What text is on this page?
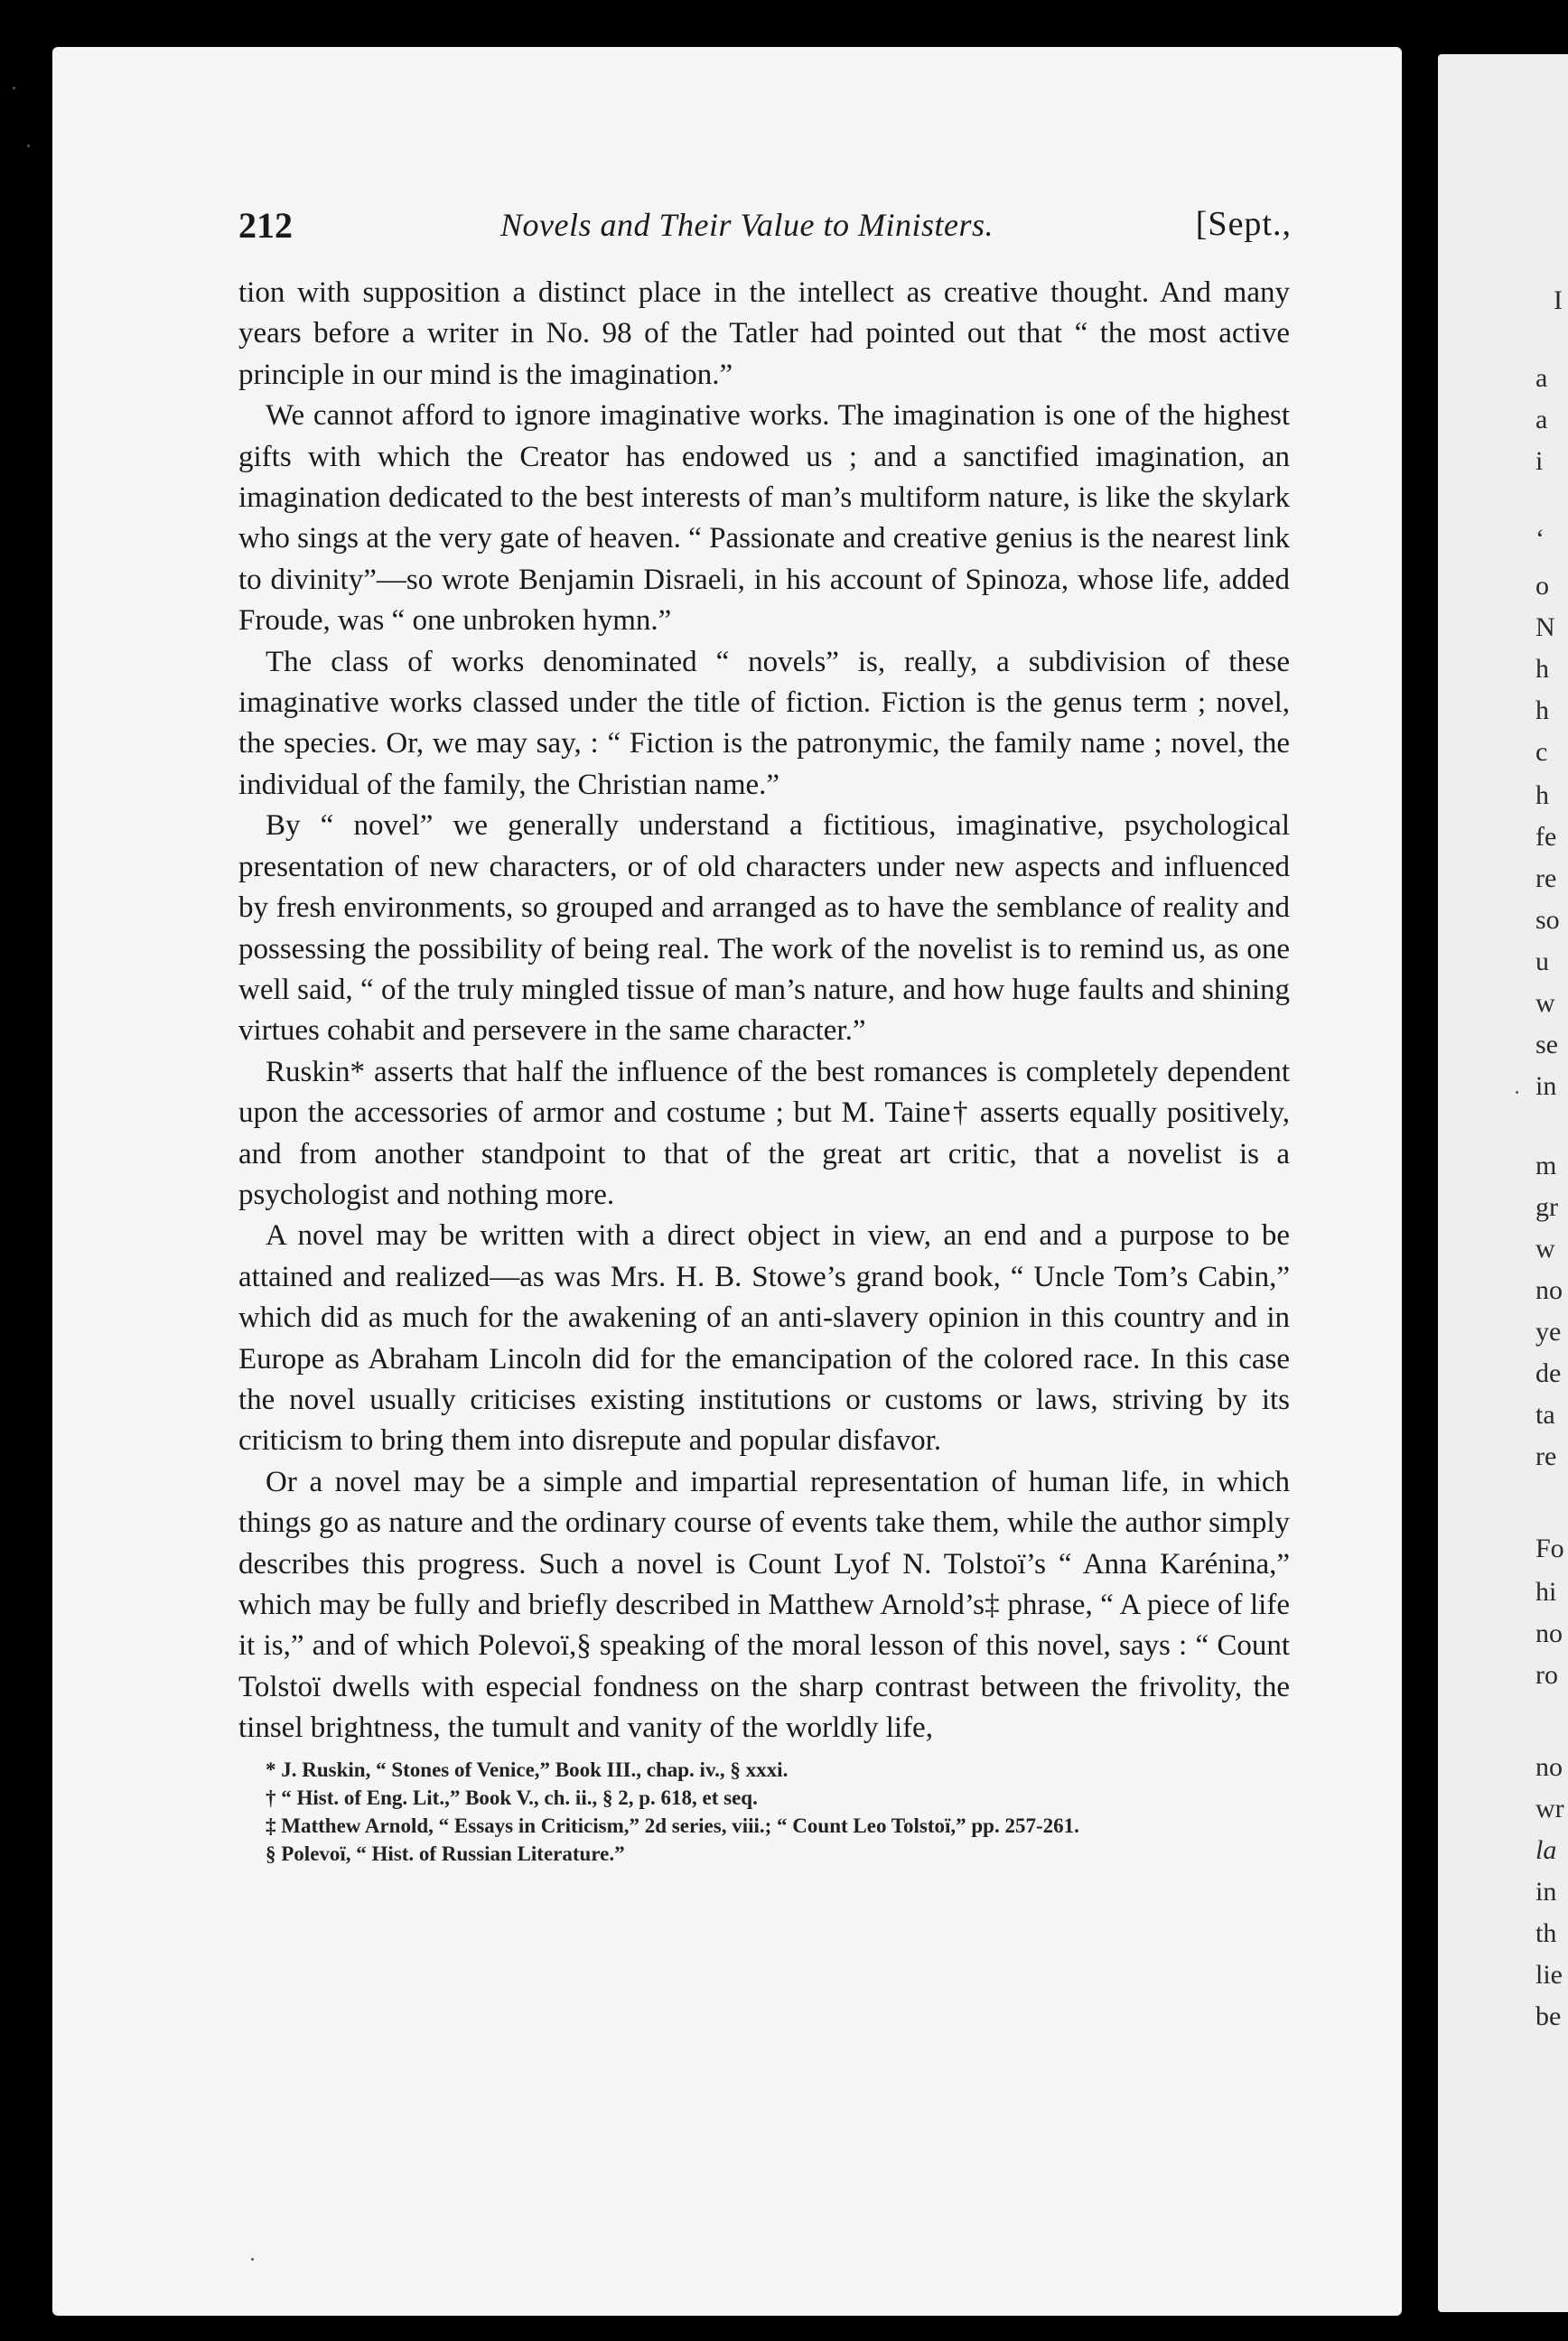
I
a
a
i
‘
o
N
h
h
c
h
fe
re
so
u
w
se
in
m
gr
w
no
ye
de
ta
re
Fo
hi
no
ro
no
wr
la
in
th
lie
be
212	Novels and Their Value to Ministers.	[Sept.,

tion with supposition a distinct place in the intellect as creative thought. And many years before a writer in No. 98 of the Tatler had pointed out that “ the most active principle in our mind is the imagination.”

We cannot afford to ignore imaginative works. The imagination is one of the highest gifts with which the Creator has endowed us ; and a sanctified imagination, an imagination dedicated to the best interests of man’s multiform nature, is like the skylark who sings at the very gate of heaven. “ Passionate and creative genius is the nearest link to divinity”—so wrote Benjamin Disraeli, in his account of Spinoza, whose life, added Froude, was “ one unbroken hymn.”

The class of works denominated “ novels” is, really, a subdivision of these imaginative works classed under the title of fiction. Fiction is the genus term ; novel, the species. Or, we may say, : “ Fiction is the patronymic, the family name ; novel, the individual of the family, the Christian name.”

By “ novel” we generally understand a fictitious, imaginative, psychological presentation of new characters, or of old characters under new aspects and influenced by fresh environments, so grouped and arranged as to have the semblance of reality and possessing the possibility of being real. The work of the novelist is to remind us, as one well said, “ of the truly mingled tissue of man’s nature, and how huge faults and shining virtues cohabit and persevere in the same character.”

Ruskin* asserts that half the influence of the best romances is completely dependent upon the accessories of armor and costume ; but M. Taine† asserts equally positively, and from another standpoint to that of the great art critic, that a novelist is a psychologist and nothing more.

A novel may be written with a direct object in view, an end and a purpose to be attained and realized—as was Mrs. H. B. Stowe’s grand book, “ Uncle Tom’s Cabin,” which did as much for the awakening of an anti-slavery opinion in this country and in Europe as Abraham Lincoln did for the emancipation of the colored race. In this case the novel usually criticises existing institutions or customs or laws, striving by its criticism to bring them into disrepute and popular disfavor.

Or a novel may be a simple and impartial representation of human life, in which things go as nature and the ordinary course of events take them, while the author simply describes this progress. Such a novel is Count Lyof N. Tolstoï’s “ Anna Karénina,” which may be fully and briefly described in Matthew Arnold’s‡ phrase, “ A piece of life it is,” and of which Polevoï,§ speaking of the moral lesson of this novel, says : “ Count Tolstoï dwells with especial fondness on the sharp contrast between the frivolity, the tinsel brightness, the tumult and vanity of the worldly life,

* J. Ruskin, “ Stones of Venice,” Book III., chap. iv., § xxxi.
† “ Hist. of Eng. Lit.,” Book V., ch. ii., § 2, p. 618, et seq.
‡ Matthew Arnold, “ Essays in Criticism,” 2d series, viii.; “ Count Leo Tolstoï,” pp. 257-261.
§ Polevoï, “ Hist. of Russian Literature.”
